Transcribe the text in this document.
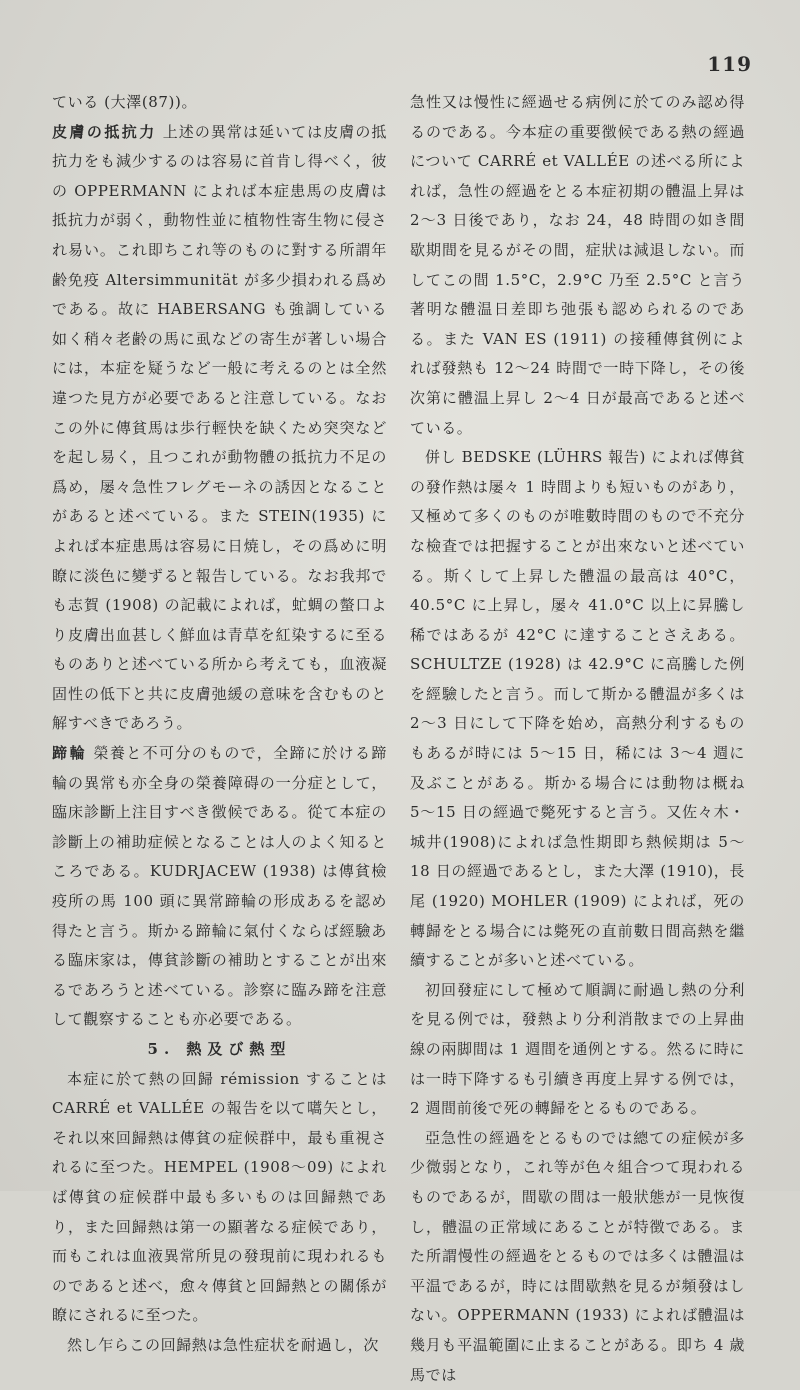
119

ている (大澤(87))。

皮膚の抵抗力 上述の異常は延いては皮膚の抵抗力をも減少するのは容易に首肯し得べく，彼の OPPERMANN によれば本症患馬の皮膚は抵抗力が弱く，動物性並に植物性寄生物に侵され易い。これ即ちこれ等のものに對する所謂年齢免疫 Altersimmunität が多少損われる爲めである。故に HABERSANG も強調している如く稍々老齢の馬に虱などの寄生が著しい場合には，本症を疑うなど一般に考えるのとは全然違つた見方が必要であると注意している。なおこの外に傳貧馬は歩行輕快を缺くため突突などを起し易く，且つこれが動物體の抵抗力不足の爲め，屡々急性フレグモーネの誘因となることがあると述べている。また STEIN(1935) によれば本症患馬は容易に日焼し，その爲めに明瞭に淡色に變ずると報告している。なお我邦でも志賀 (1908) の記載によれば，虻蜩の螫口より皮膚出血甚しく鮮血は青草を紅染するに至るものありと述べている所から考えても，血液凝固性の低下と共に皮膚弛緩の意味を含むものと解すべきであろう。

蹄輪 榮養と不可分のもので，全蹄に於ける蹄輪の異常も亦全身の榮養障碍の一分症として，臨床診斷上注目すべき徴候である。從て本症の診斷上の補助症候となることは人のよく知るところである。KUDRJACEW (1938) は傳貧檢疫所の馬 100 頭に異常蹄輪の形成あるを認め得たと言う。斯かる蹄輪に氣付くならば經驗ある臨床家は，傳貧診斷の補助とすることが出來るであろうと述べている。診察に臨み蹄を注意して觀察することも亦必要である。

5. 熱及び熱型

本症に於て熱の回歸 rémission することは CARRÉ et VALLÉE の報告を以て嚆矢とし，それ以來回歸熱は傳貧の症候群中，最も重視されるに至つた。HEMPEL (1908〜09) によれば傳貧の症候群中最も多いものは回歸熱であり，また回歸熱は第一の顯著なる症候であり，而もこれは血液異常所見の發現前に現われるものであると述べ，愈々傳貧と回歸熱との關係が瞭にされるに至つた。

然し乍らこの回歸熱は急性症状を耐過し，次

急性又は慢性に經過せる病例に於てのみ認め得るのである。今本症の重要徴候である熱の經過について CARRÉ et VALLÉE の述べる所によれば，急性の經過をとる本症初期の體温上昇は 2〜3 日後であり，なお 24，48 時間の如き間歇期間を見るがその間，症狀は減退しない。而してこの間 1.5°C，2.9°C 乃至 2.5°C と言う著明な體温日差即ち弛張も認められるのである。また VAN ES (1911) の接種傳貧例によれば發熱も 12〜24 時間で一時下降し，その後次第に體温上昇し 2〜4 日が最高であると述べている。

併し BEDSKE (LÜHRS 報告) によれば傳貧の發作熱は屡々 1 時間よりも短いものがあり，又極めて多くのものが唯數時間のもので不充分な檢査では把握することが出來ないと述べている。斯くして上昇した體温の最高は 40°C，40.5°C に上昇し，屡々 41.0°C 以上に昇騰し稀ではあるが 42°C に達することさえある。SCHULTZE (1928) は 42.9°C に高騰した例を經驗したと言う。而して斯かる體温が多くは 2〜3 日にして下降を始め，高熱分利するものもあるが時には 5〜15 日，稀には 3〜4 週に及ぶことがある。斯かる場合には動物は概ね 5〜15 日の經過で斃死すると言う。又佐々木・城井(1908)によれば急性期即ち熱候期は 5〜18 日の經過であるとし，また大澤 (1910)，長尾 (1920) MOHLER (1909) によれば，死の轉歸をとる場合には斃死の直前數日間高熱を繼續することが多いと述べている。

初回發症にして極めて順調に耐過し熱の分利を見る例では，發熱より分利消散までの上昇曲線の兩脚間は 1 週間を通例とする。然るに時には一時下降するも引續き再度上昇する例では，2 週間前後で死の轉歸をとるものである。

亞急性の經過をとるものでは總ての症候が多少微弱となり，これ等が色々組合つて現われるものであるが，間歇の間は一般狀態が一見恢復し，體温の正常域にあることが特徴である。また所謂慢性の經過をとるものでは多くは體温は平温であるが，時には間歇熱を見るが頻發はしない。OPPERMANN (1933) によれば體温は幾月も平温範圍に止まることがある。即ち 4 歳馬では
